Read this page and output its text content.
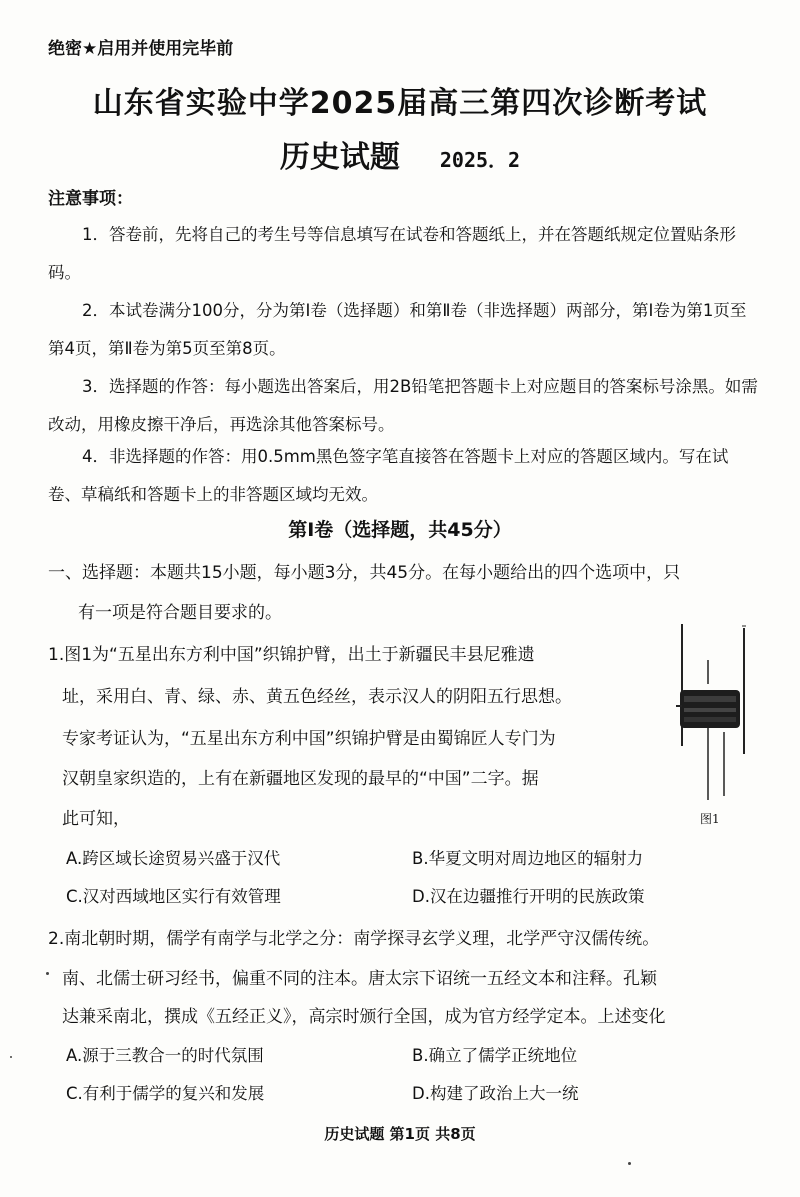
绝密★启用并使用完毕前
山东省实验中学2025届高三第四次诊断考试
历史试题 2025．2
注意事项：
1．答卷前，先将自己的考生号等信息填写在试卷和答题纸上，并在答题纸规定位置贴条形码。
2．本试卷满分100分，分为第Ⅰ卷（选择题）和第Ⅱ卷（非选择题）两部分，第Ⅰ卷为第1页至第4页，第Ⅱ卷为第5页至第8页。
3．选择题的作答：每小题选出答案后，用2B铅笔把答题卡上对应题目的答案标号涂黑。如需改动，用橡皮擦干净后，再选涂其他答案标号。
4．非选择题的作答：用0.5mm黑色签字笔直接答在答题卡上对应的答题区域内。写在试卷、草稿纸和答题卡上的非答题区域均无效。
第Ⅰ卷（选择题，共45分）
一、选择题：本题共15小题，每小题3分，共45分。在每小题给出的四个选项中，只
有一项是符合题目要求的。
1.图1为“五星出东方利中国”织锦护臂，出土于新疆民丰县尼雅遗
址，采用白、青、绿、赤、黄五色经丝，表示汉人的阴阳五行思想。
专家考证认为，“五星出东方利中国”织锦护臂是由蜀锦匠人专门为
汉朝皇家织造的，上有在新疆地区发现的最早的“中国”二字。据
此可知，	图1
A.跨区域长途贸易兴盛于汉代	B.华夏文明对周边地区的辐射力
C.汉对西域地区实行有效管理	D.汉在边疆推行开明的民族政策
2.南北朝时期，儒学有南学与北学之分：南学探寻玄学义理，北学严守汉儒传统。
南、北儒士研习经书，偏重不同的注本。唐太宗下诏统一五经文本和注释。孔颖
达兼采南北，撰成《五经正义》，高宗时颁行全国，成为官方经学定本。上述变化
A.源于三教合一的时代氛围	B.确立了儒学正统地位
C.有利于儒学的复兴和发展	D.构建了政治上大一统
历史试题 第1页 共8页
